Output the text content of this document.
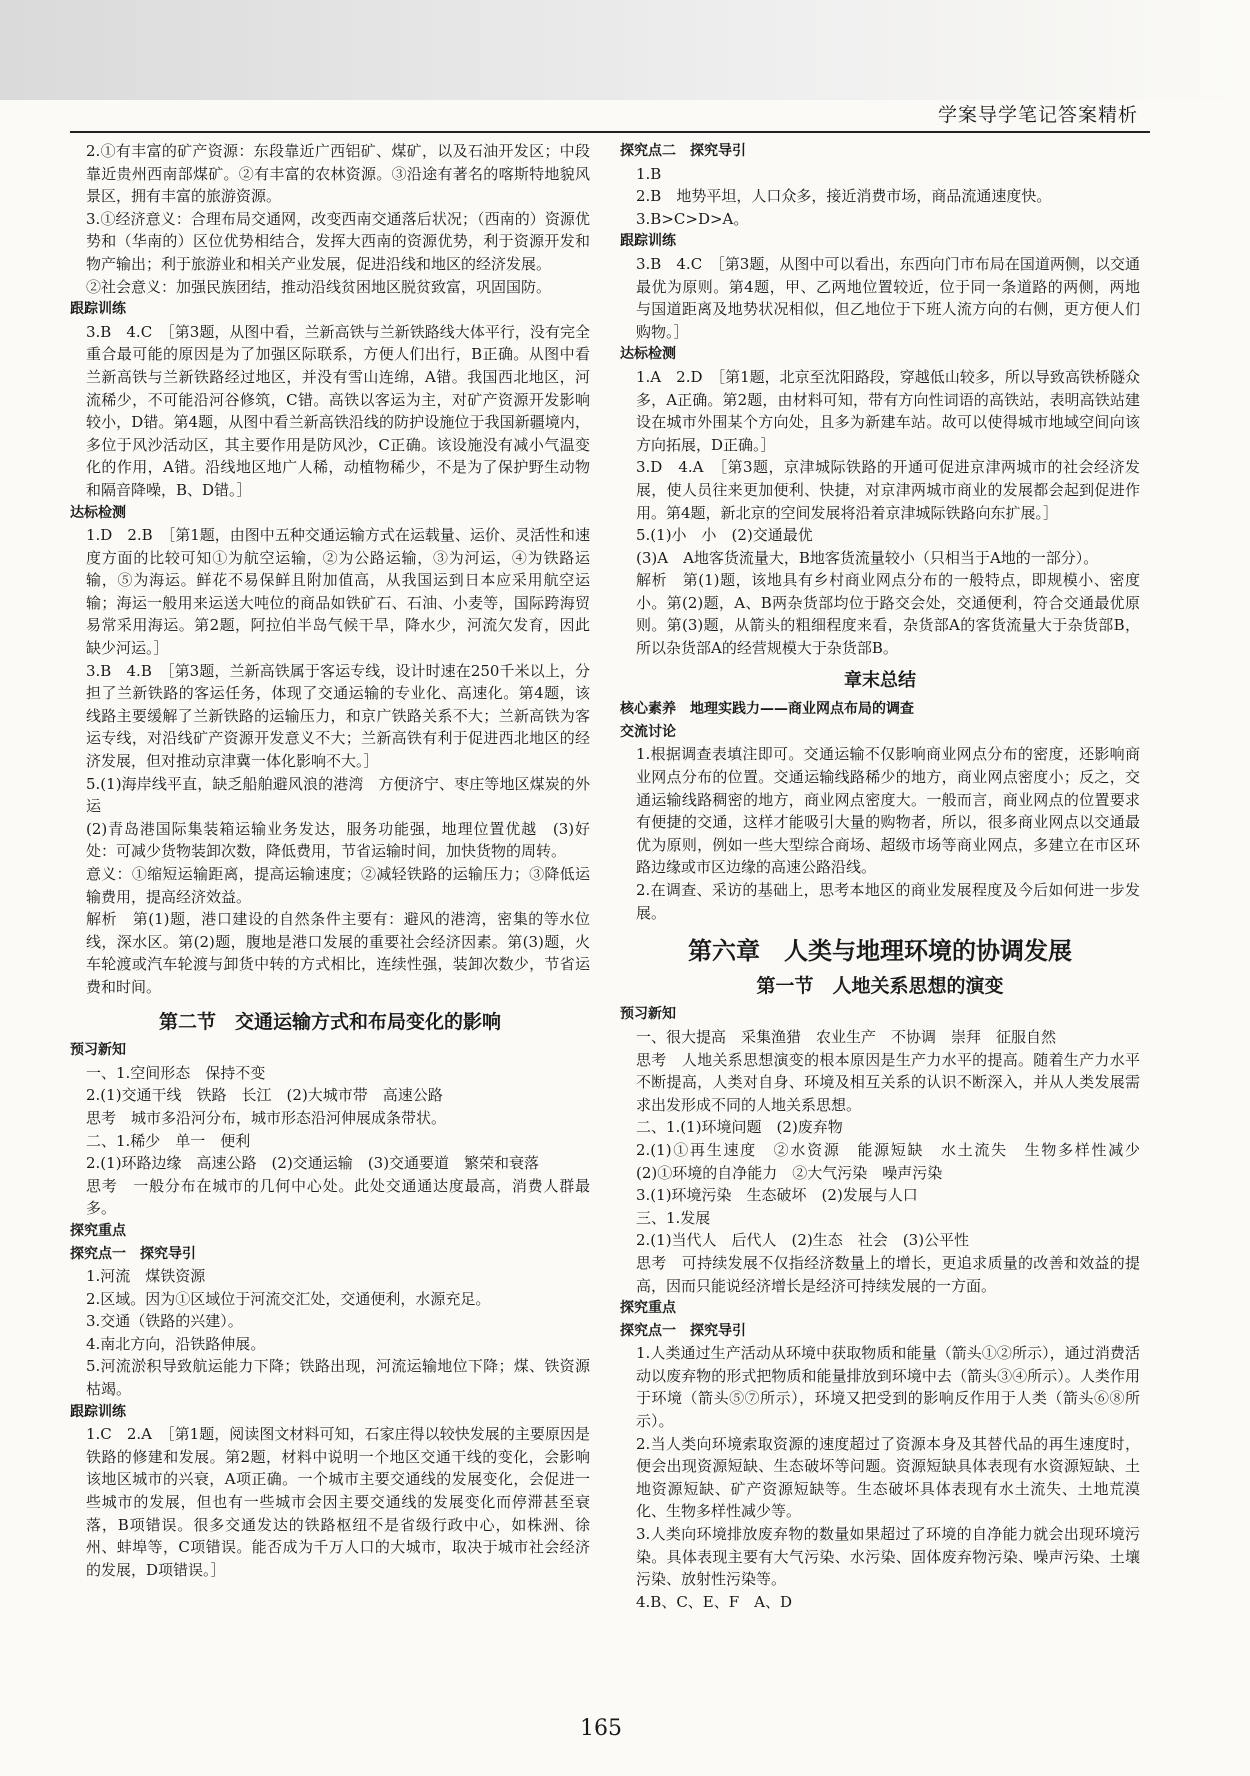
学案导学笔记答案精析

2.①有丰富的矿产资源：东段靠近广西铝矿、煤矿，以及石油开发区；中段靠近贵州西南部煤矿。②有丰富的农林资源。③沿途有著名的喀斯特地貌风景区，拥有丰富的旅游资源。

3.①经济意义：合理布局交通网，改变西南交通落后状况；（西南的）资源优势和（华南的）区位优势相结合，发挥大西南的资源优势，利于资源开发和物产输出；利于旅游业和相关产业发展，促进沿线和地区的经济发展。

②社会意义：加强民族团结，推动沿线贫困地区脱贫致富，巩固国防。

跟踪训练

3.B　4.C　［第3题，从图中看，兰新高铁与兰新铁路线大体平行，没有完全重合最可能的原因是为了加强区际联系，方便人们出行，B正确。从图中看兰新高铁与兰新铁路经过地区，并没有雪山连绵，A错。我国西北地区，河流稀少，不可能沿河谷修筑，C错。高铁以客运为主，对矿产资源开发影响较小，D错。第4题，从图中看兰新高铁沿线的防护设施位于我国新疆境内，多位于风沙活动区，其主要作用是防风沙，C正确。该设施没有减小气温变化的作用，A错。沿线地区地广人稀，动植物稀少，不是为了保护野生动物和隔音降噪，B、D错。］

达标检测

1.D　2.B　［第1题，由图中五种交通运输方式在运载量、运价、灵活性和速度方面的比较可知①为航空运输，②为公路运输，③为河运，④为铁路运输，⑤为海运。鲜花不易保鲜且附加值高，从我国运到日本应采用航空运输；海运一般用来运送大吨位的商品如铁矿石、石油、小麦等，国际跨海贸易常采用海运。第2题，阿拉伯半岛气候干旱，降水少，河流欠发育，因此缺少河运。］

3.B　4.B　［第3题，兰新高铁属于客运专线，设计时速在250千米以上，分担了兰新铁路的客运任务，体现了交通运输的专业化、高速化。第4题，该线路主要缓解了兰新铁路的运输压力，和京广铁路关系不大；兰新高铁为客运专线，对沿线矿产资源开发意义不大；兰新高铁有利于促进西北地区的经济发展，但对推动京津冀一体化影响不大。］

5.(1)海岸线平直，缺乏船舶避风浪的港湾　方便济宁、枣庄等地区煤炭的外运

(2)青岛港国际集装箱运输业务发达，服务功能强，地理位置优越　(3)好处：可减少货物装卸次数，降低费用，节省运输时间，加快货物的周转。

意义：①缩短运输距离，提高运输速度；②减轻铁路的运输压力；③降低运输费用，提高经济效益。

解析　第(1)题，港口建设的自然条件主要有：避风的港湾，密集的等水位线，深水区。第(2)题，腹地是港口发展的重要社会经济因素。第(3)题，火车轮渡或汽车轮渡与卸货中转的方式相比，连续性强，装卸次数少，节省运费和时间。

第二节　交通运输方式和布局变化的影响

预习新知

一、1.空间形态　保持不变

2.(1)交通干线　铁路　长江　(2)大城市带　高速公路

思考　城市多沿河分布，城市形态沿河伸展成条带状。

二、1.稀少　单一　便利

2.(1)环路边缘　高速公路　(2)交通运输　(3)交通要道　繁荣和衰落

思考　一般分布在城市的几何中心处。此处交通通达度最高，消费人群最多。

探究重点

探究点一　探究导引

1.河流　煤铁资源

2.区域。因为①区域位于河流交汇处，交通便利，水源充足。

3.交通（铁路的兴建）。

4.南北方向，沿铁路伸展。

5.河流淤积导致航运能力下降；铁路出现，河流运输地位下降；煤、铁资源枯竭。

跟踪训练

1.C　2.A　［第1题，阅读图文材料可知，石家庄得以较快发展的主要原因是铁路的修建和发展。第2题，材料中说明一个地区交通干线的变化，会影响该地区城市的兴衰，A项正确。一个城市主要交通线的发展变化，会促进一些城市的发展，但也有一些城市会因主要交通线的发展变化而停滞甚至衰落，B项错误。很多交通发达的铁路枢纽不是省级行政中心，如株洲、徐州、蚌埠等，C项错误。能否成为千万人口的大城市，取决于城市社会经济的发展，D项错误。］

探究点二　探究导引

1.B

2.B　地势平坦，人口众多，接近消费市场，商品流通速度快。

3.B>C>D>A。

跟踪训练

3.B　4.C　［第3题，从图中可以看出，东西向门市布局在国道两侧，以交通最优为原则。第4题，甲、乙两地位置较近，位于同一条道路的两侧，两地与国道距离及地势状况相似，但乙地位于下班人流方向的右侧，更方便人们购物。］

达标检测

1.A　2.D　［第1题，北京至沈阳路段，穿越低山较多，所以导致高铁桥隧众多，A正确。第2题，由材料可知，带有方向性词语的高铁站，表明高铁站建设在城市外围某个方向处，且多为新建车站。故可以使得城市地域空间向该方向拓展，D正确。］

3.D　4.A　［第3题，京津城际铁路的开通可促进京津两城市的社会经济发展，使人员往来更加便利、快捷，对京津两城市商业的发展都会起到促进作用。第4题，新北京的空间发展将沿着京津城际铁路向东扩展。］

5.(1)小　小　(2)交通最优

(3)A　A地客货流量大，B地客货流量较小（只相当于A地的一部分）。

解析　第(1)题，该地具有乡村商业网点分布的一般特点，即规模小、密度小。第(2)题，A、B两杂货部均位于路交会处，交通便利，符合交通最优原则。第(3)题，从箭头的粗细程度来看，杂货部A的客货流量大于杂货部B，所以杂货部A的经营规模大于杂货部B。

章末总结

核心素养　地理实践力——商业网点布局的调查

交流讨论

1.根据调查表填注即可。交通运输不仅影响商业网点分布的密度，还影响商业网点分布的位置。交通运输线路稀少的地方，商业网点密度小；反之，交通运输线路稠密的地方，商业网点密度大。一般而言，商业网点的位置要求有便捷的交通，这样才能吸引大量的购物者，所以，很多商业网点以交通最优为原则，例如一些大型综合商场、超级市场等商业网点，多建立在市区环路边缘或市区边缘的高速公路沿线。

2.在调查、采访的基础上，思考本地区的商业发展程度及今后如何进一步发展。

第六章　人类与地理环境的协调发展
第一节　人地关系思想的演变

预习新知

一、很大提高　采集渔猎　农业生产　不协调　崇拜　征服自然

思考　人地关系思想演变的根本原因是生产力水平的提高。随着生产力水平不断提高，人类对自身、环境及相互关系的认识不断深入，并从人类发展需求出发形成不同的人地关系思想。

二、1.(1)环境问题　(2)废弃物

2.(1)①再生速度　②水资源　能源短缺　水土流失　生物多样性减少　(2)①环境的自净能力　②大气污染　噪声污染

3.(1)环境污染　生态破坏　(2)发展与人口

三、1.发展

2.(1)当代人　后代人　(2)生态　社会　(3)公平性

思考　可持续发展不仅指经济数量上的增长，更追求质量的改善和效益的提高，因而只能说经济增长是经济可持续发展的一方面。

探究重点

探究点一　探究导引

1.人类通过生产活动从环境中获取物质和能量（箭头①②所示），通过消费活动以废弃物的形式把物质和能量排放到环境中去（箭头③④所示）。人类作用于环境（箭头⑤⑦所示），环境又把受到的影响反作用于人类（箭头⑥⑧所示）。

2.当人类向环境索取资源的速度超过了资源本身及其替代品的再生速度时，便会出现资源短缺、生态破坏等问题。资源短缺具体表现有水资源短缺、土地资源短缺、矿产资源短缺等。生态破坏具体表现有水土流失、土地荒漠化、生物多样性减少等。

3.人类向环境排放废弃物的数量如果超过了环境的自净能力就会出现环境污染。具体表现主要有大气污染、水污染、固体废弃物污染、噪声污染、土壤污染、放射性污染等。

4.B、C、E、F　A、D

165
